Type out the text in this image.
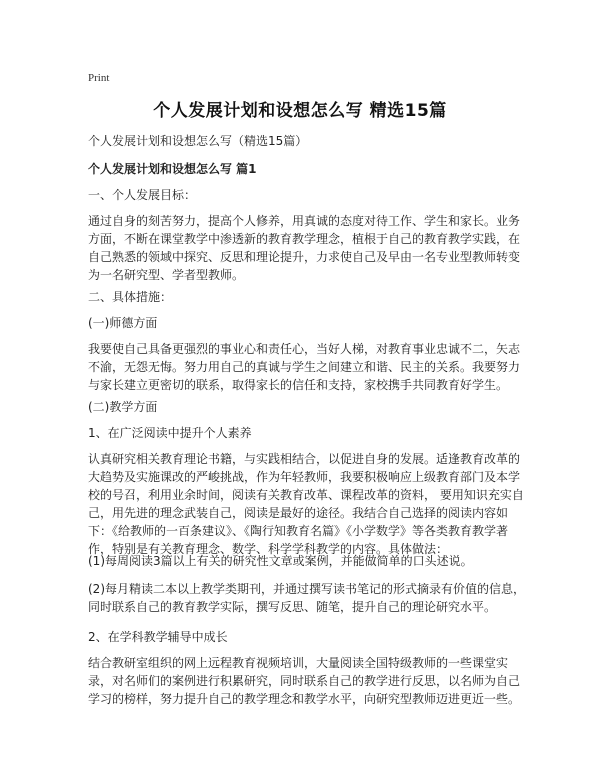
Print
个人发展计划和设想怎么写 精选15篇
个人发展计划和设想怎么写（精选15篇）
个人发展计划和设想怎么写 篇1
一、个人发展目标：
通过自身的刻苦努力，提高个人修养，用真诚的态度对待工作、学生和家长。业务方面，不断在课堂教学中渗透新的教育教学理念，植根于自己的教育教学实践，在自己熟悉的领域中探究、反思和理论提升，力求使自己及早由一名专业型教师转变为一名研究型、学者型教师。
二、具体措施：
(一)师德方面
我要使自己具备更强烈的事业心和责任心，当好人梯，对教育事业忠诚不二，矢志不渝，无怨无悔。努力用自己的真诚与学生之间建立和谐、民主的关系。我要努力与家长建立更密切的联系，取得家长的信任和支持，家校携手共同教育好学生。
(二)教学方面
1、在广泛阅读中提升个人素养
认真研究相关教育理论书籍，与实践相结合，以促进自身的发展。适逢教育改革的大趋势及实施课改的严峻挑战，作为年轻教师，我要积极响应上级教育部门及本学校的号召，利用业余时间，阅读有关教育改革、课程改革的资料， 要用知识充实自己，用先进的理念武装自己，阅读是最好的途径。我结合自己选择的阅读内容如下：《给教师的一百条建议》、《陶行知教育名篇》《小学数学》等各类教育教学著作，特别是有关教育理念、数学、科学学科教学的内容。具体做法：
(1)每周阅读3篇以上有关的研究性文章或案例，并能做简单的口头述说。
(2)每月精读二本以上教学类期刊，并通过撰写读书笔记的形式摘录有价值的信息，同时联系自己的教育教学实际，撰写反思、随笔，提升自己的理论研究水平。
2、在学科教学辅导中成长
结合教研室组织的网上远程教育视频培训，大量阅读全国特级教师的一些课堂实录，对名师们的案例进行积累研究，同时联系自己的教学进行反思，以名师为自己学习的榜样，努力提升自己的教学理念和教学水平，向研究型教师迈进更近一些。
